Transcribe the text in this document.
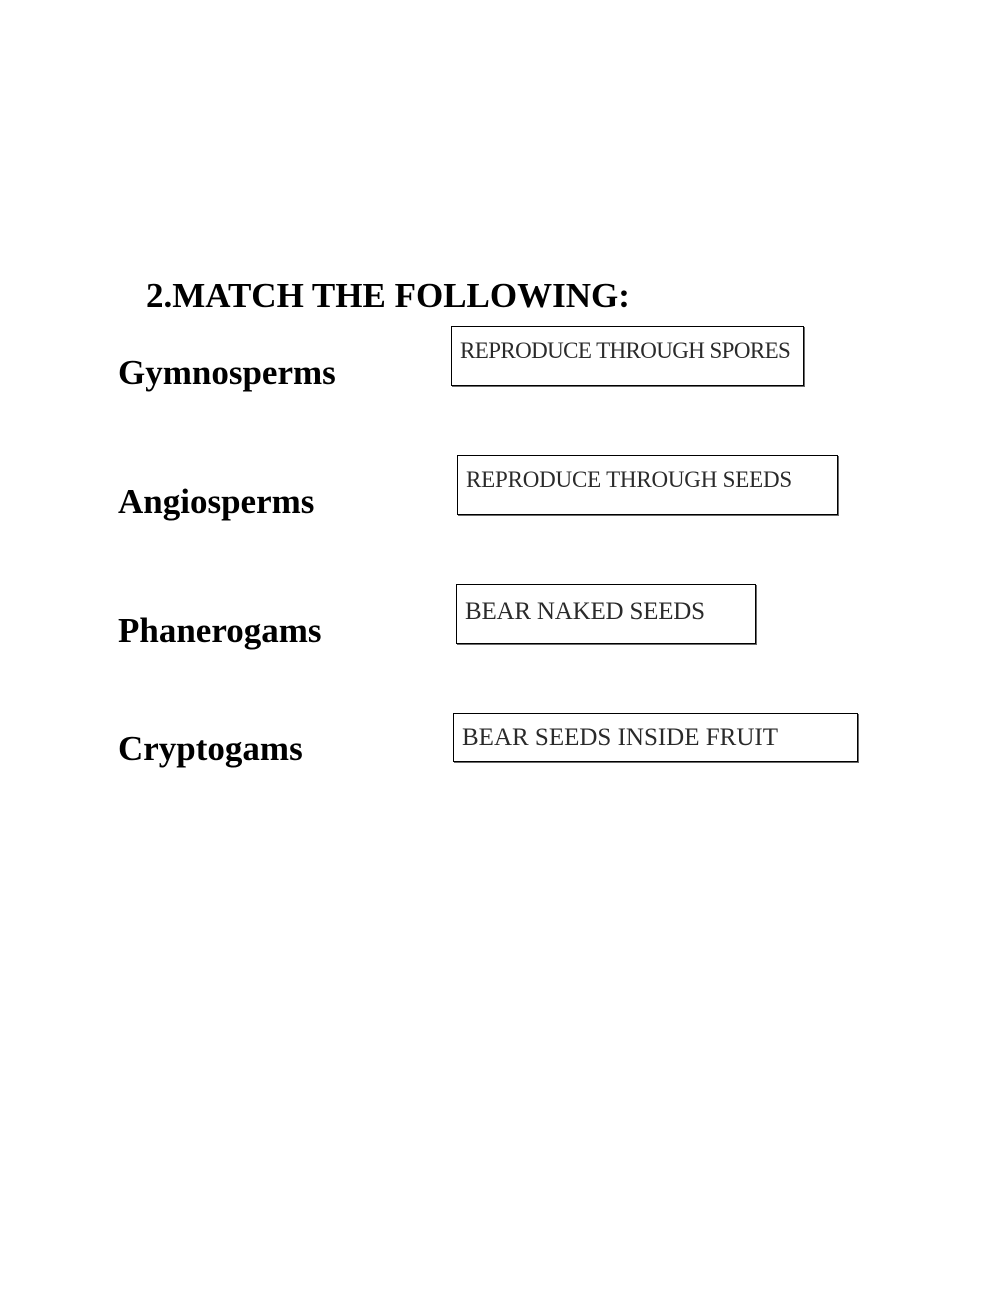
2.MATCH THE FOLLOWING:
Gymnosperms
Angiosperms
Phanerogams
Cryptogams
REPRODUCE THROUGH SPORES
REPRODUCE THROUGH SEEDS
BEAR NAKED SEEDS
BEAR SEEDS INSIDE FRUIT
